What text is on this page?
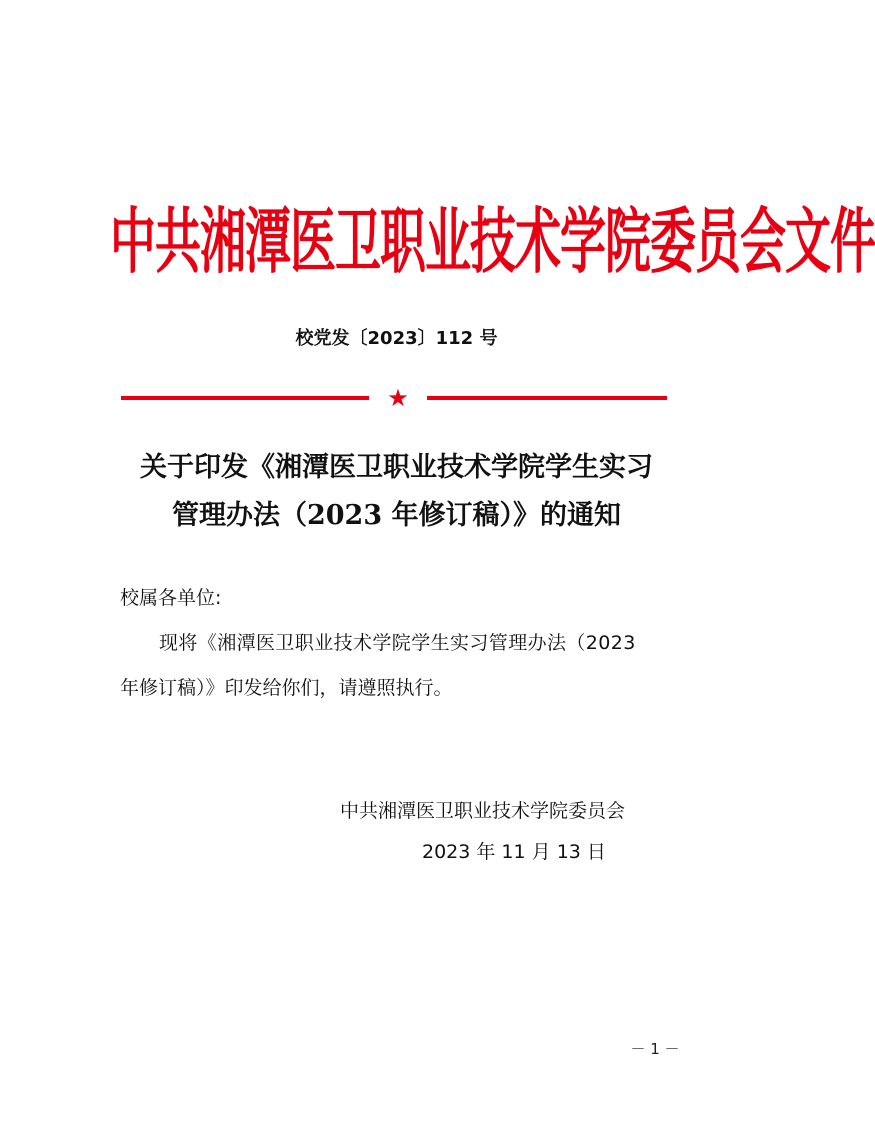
中共湘潭医卫职业技术学院委员会文件
校党发〔2023〕112 号
★
关于印发《湘潭医卫职业技术学院学生实习
管理办法（2023 年修订稿）》的通知
校属各单位:
现将《湘潭医卫职业技术学院学生实习管理办法（2023
年修订稿）》印发给你们，请遵照执行。
中共湘潭医卫职业技术学院委员会
2023 年 11 月 13 日
－ 1 －
